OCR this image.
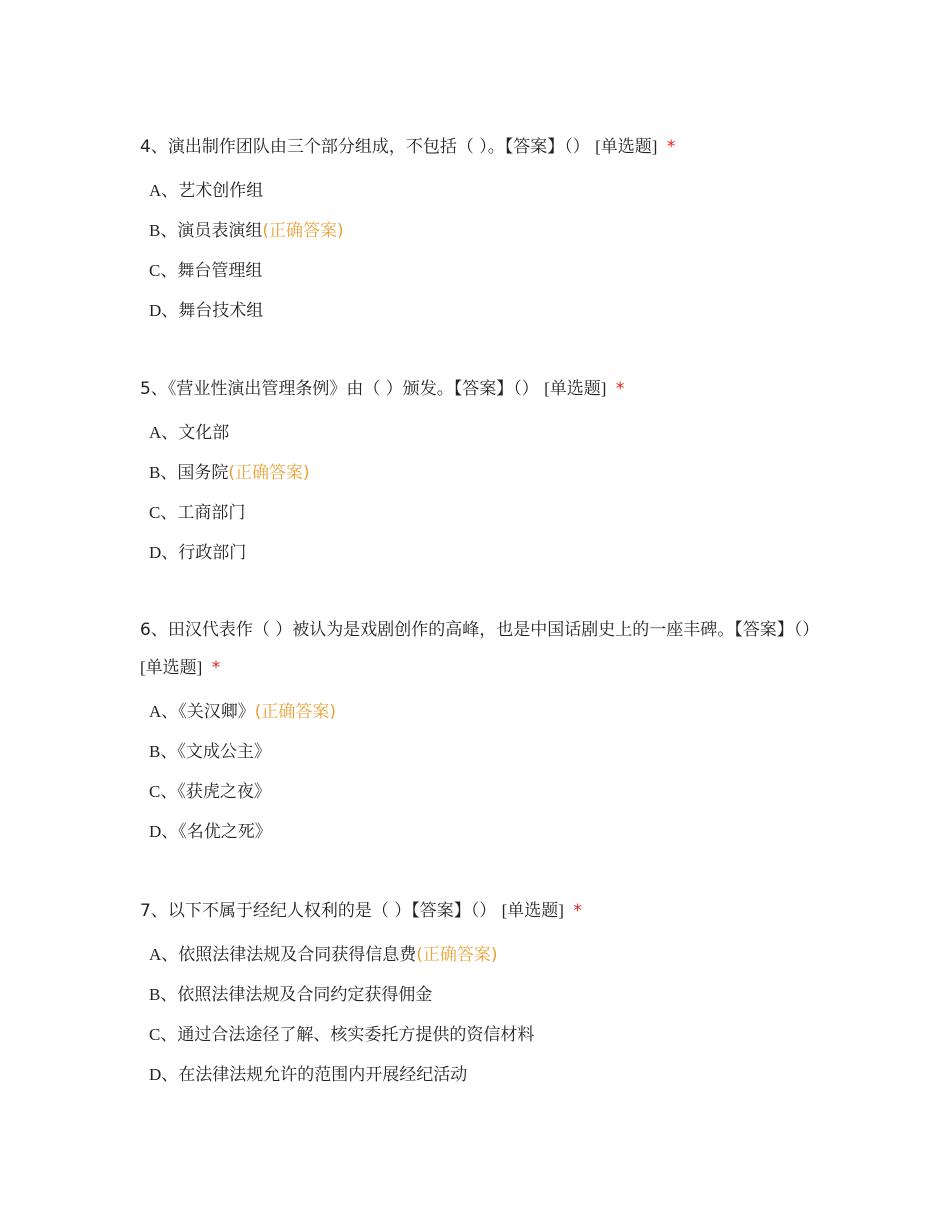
4、演出制作团队由三个部分组成，不包括（ ）。【答案】（） [单选题] *

A、艺术创作组
B、演员表演组(正确答案)
C、舞台管理组
D、舞台技术组

5、《营业性演出管理条例》由（ ）颁发。【答案】（） [单选题] *

A、文化部
B、国务院(正确答案)
C、工商部门
D、行政部门

6、田汉代表作（ ）被认为是戏剧创作的高峰，也是中国话剧史上的一座丰碑。【答案】（） [单选题] *

A、《关汉卿》(正确答案)
B、《文成公主》
C、《获虎之夜》
D、《名优之死》

7、以下不属于经纪人权利的是（ ）【答案】（） [单选题] *

A、依照法律法规及合同获得信息费(正确答案)
B、依照法律法规及合同约定获得佣金
C、通过合法途径了解、核实委托方提供的资信材料
D、在法律法规允许的范围内开展经纪活动
